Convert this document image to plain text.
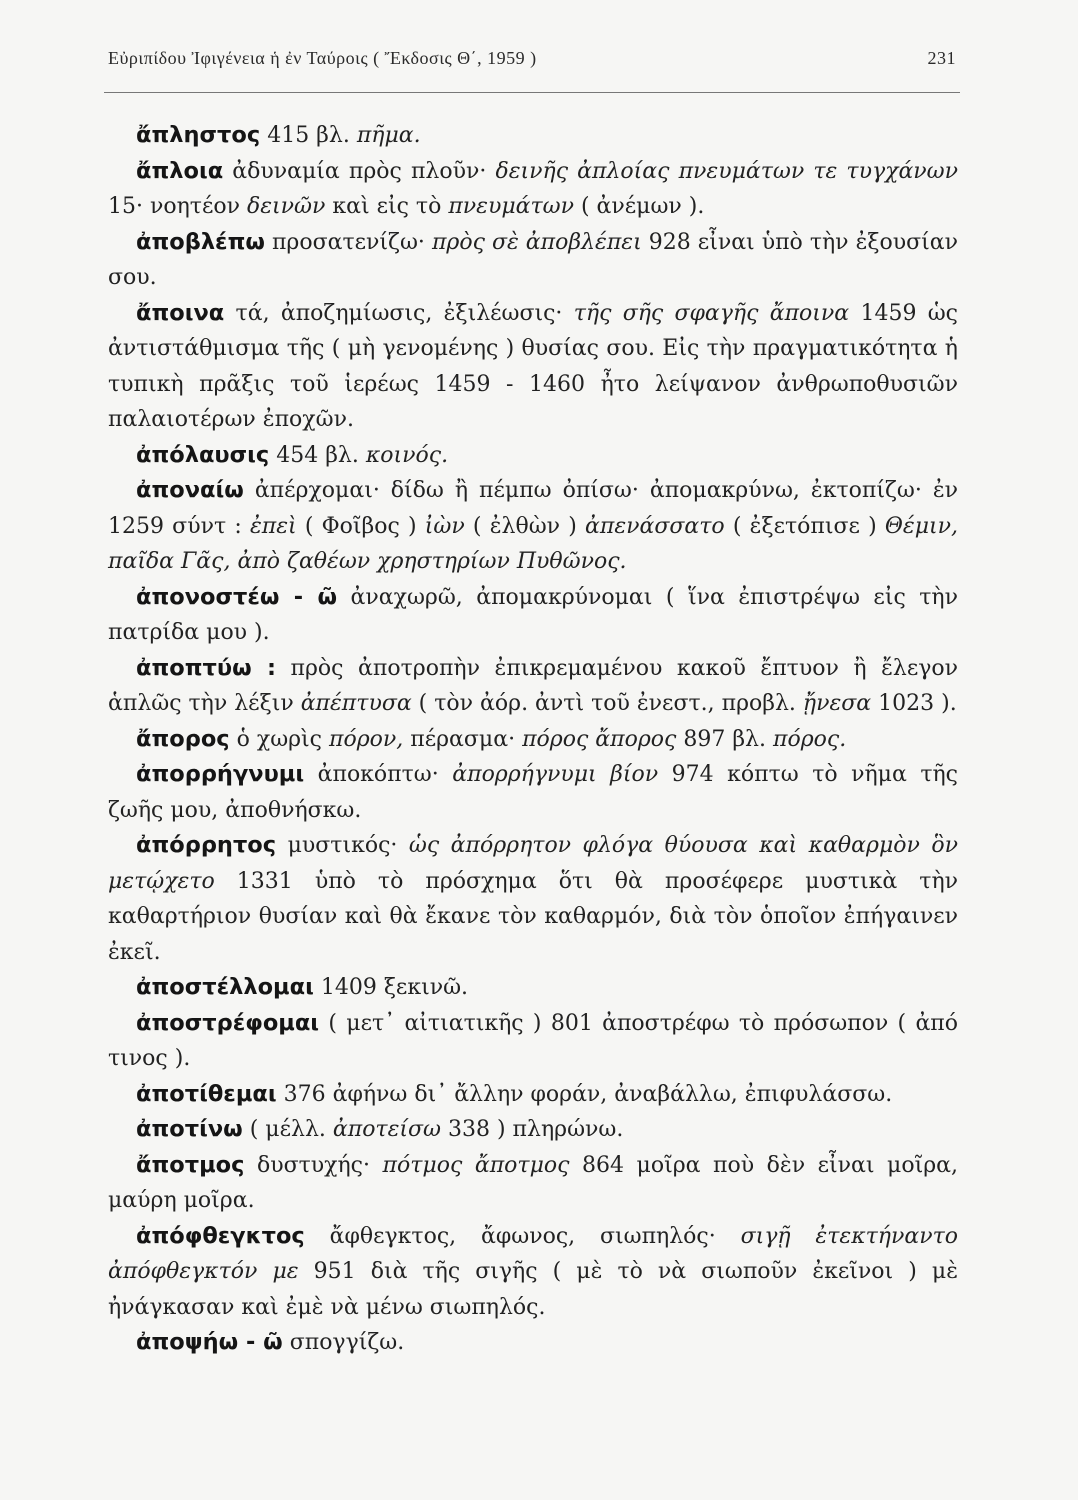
Εὐριπίδου Ἰφιγένεια ἡ ἐν Ταύροις ( Ἔκδοσις Θ΄, 1959 )	231

ἄπληστος 415 βλ. πῆμα.

ἄπλοια ἀδυναμία πρὸς πλοῦν· δεινῆς ἀπλοίας πνευμάτων τε τυγχάνων 15· νοητέον δεινῶν καὶ εἰς τὸ πνευμάτων ( ἀνέμων ).

ἀποβλέπω προσατενίζω· πρὸς σὲ ἀποβλέπει 928 εἶναι ὑπὸ τὴν ἐξουσίαν σου.

ἄποινα τά, ἀποζημίωσις, ἐξιλέωσις· τῆς σῆς σφαγῆς ἄποινα 1459 ὡς ἀντιστάθμισμα τῆς ( μὴ γενομένης ) θυσίας σου. Εἰς τὴν πραγματικότητα ἡ τυπικὴ πρᾶξις τοῦ ἱερέως 1459 - 1460 ἦτο λείψανον ἀνθρωποθυσιῶν παλαιοτέρων ἐποχῶν.

ἀπόλαυσις 454 βλ. κοινός.

ἀποναίω ἀπέρχομαι· δίδω ἢ πέμπω ὀπίσω· ἀπομακρύνω, ἐκτοπίζω· ἐν 1259 σύντ : ἐπεὶ ( Φοῖβος ) ἰὼν ( ἐλθὼν ) ἀπενάσσατο ( ἐξετόπισε ) Θέμιν, παῖδα Γᾶς, ἀπὸ ζαθέων χρηστηρίων Πυθῶνος.

ἀπονοστέω - ῶ ἀναχωρῶ, ἀπομακρύνομαι ( ἵνα ἐπιστρέψω εἰς τὴν πατρίδα μου ).

ἀποπτύω : πρὸς ἀποτροπὴν ἐπικρεμαμένου κακοῦ ἔπτυον ἢ ἔλεγον ἁπλῶς τὴν λέξιν ἀπέπτυσα ( τὸν ἀόρ. ἀντὶ τοῦ ἐνεστ., προβλ. ᾔνεσα 1023 ).

ἄπορος ὁ χωρὶς πόρον, πέρασμα· πόρος ἄπορος 897 βλ. πόρος.

ἀπορρήγνυμι ἀποκόπτω· ἀπορρήγνυμι βίον 974 κόπτω τὸ νῆμα τῆς ζωῆς μου, ἀποθνήσκω.

ἀπόρρητος μυστικός· ὡς ἀπόρρητον φλόγα θύουσα καὶ καθαρμὸν ὃν μετῴχετο 1331 ὑπὸ τὸ πρόσχημα ὅτι θὰ προσέφερε μυστικὰ τὴν καθαρτήριον θυσίαν καὶ θὰ ἔκανε τὸν καθαρμόν, διὰ τὸν ὁποῖον ἐπήγαινεν ἐκεῖ.

ἀποστέλλομαι 1409 ξεκινῶ.

ἀποστρέφομαι ( μετ᾽ αἰτιατικῆς ) 801 ἀποστρέφω τὸ πρόσωπον ( ἀπό τινος ).

ἀποτίθεμαι 376 ἀφήνω δι᾽ ἄλλην φοράν, ἀναβάλλω, ἐπιφυλάσσω.

ἀποτίνω ( μέλλ. ἀποτείσω 338 ) πληρώνω.

ἄποτμος δυστυχής· πότμος ἄποτμος 864 μοῖρα ποὺ δὲν εἶναι μοῖρα, μαύρη μοῖρα.

ἀπόφθεγκτος ἄφθεγκτος, ἄφωνος, σιωπηλός· σιγῇ ἐτεκτήναντο ἀπόφθεγκτόν με 951 διὰ τῆς σιγῆς ( μὲ τὸ νὰ σιωποῦν ἐκεῖνοι ) μὲ ἠνάγκασαν καὶ ἐμὲ νὰ μένω σιωπηλός.

ἀποψήω - ῶ σπογγίζω.
